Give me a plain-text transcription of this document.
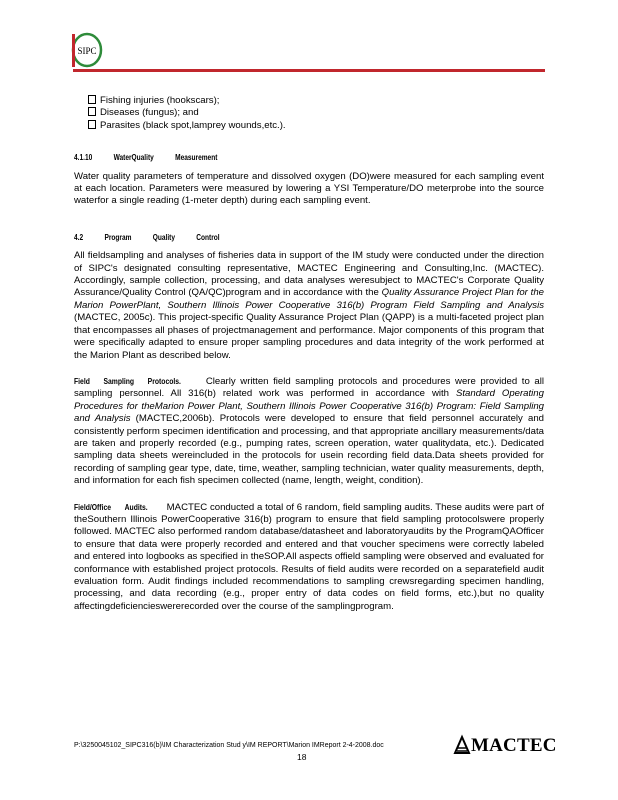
SIPC
Fishing injuries (hookscars);
Diseases (fungus); and
Parasites (black spot,lamprey wounds,etc.).
4.1.10	WaterQuality	Measurement

Water quality parameters of temperature and dissolved oxygen (DO)were measured for each sampling event at each location. Parameters were measured by lowering a YSI Temperature/DO meterprobe into the source waterfor a single reading (1-meter depth) during each sampling event.

4.2	Program	Quality	Control

All fieldsampling and analyses of fisheries data in support of the IM study were conducted under the direction of SIPC's designated consulting representative, MACTEC Engineering and Consulting,Inc. (MACTEC). Accordingly, sample collection, processing, and data analyses weresubject to MACTEC's Corporate Quality Assurance/Quality Control (QA/QC)program and in accordance with the Quality Assurance Project Plan for the Marion PowerPlant, Southern Illinois Power Cooperative 316(b) Program Field Sampling and Analysis (MACTEC, 2005c). This project-specific Quality Assurance Project Plan (QAPP) is a multi-faceted project plan that encompasses all phases of projectmanagement and performance. Major components of this program that were specifically adapted to ensure proper sampling procedures and data integrity of the work performed at the Marion Plant as described below.

Field Sampling Protocols.	Clearly written field sampling protocols and procedures were provided to all sampling personnel. All 316(b) related work was performed in accordance with Standard Operating Procedures for theMarion Power Plant, Southern Illinois Power Cooperative 316(b) Program: Field Sampling and Analysis (MACTEC,2006b). Protocols were developed to ensure that field personnel accurately and consistently perform specimen identification and processing, and that appropriate ancillary measurements/data are taken and properly recorded (e.g., pumping rates, screen operation, water qualitydata, etc.). Dedicated sampling data sheets wereincluded in the protocols for usein recording field data.Data sheets provided for recording of sampling gear type, date, time, weather, sampling technician, water quality measurements, depth, and information for each fish specimen collected (name, length, weight, condition).

Field/Office Audits. MACTEC conducted a total of 6 random, field sampling audits. These audits were part of theSouthern Illinois PowerCooperative 316(b) program to ensure that field sampling protocolswere properly followed. MACTEC also performed random database/datasheet and laboratoryaudits by the ProgramQAOfficer to ensure that data were properly recorded and entered and that voucher specimens were correctly labeled and entered into logbooks as specified in theSOP.All aspects offield sampling were observed and evaluated for conformance with established project protocols. Results of field audits were recorded on a separatefield audit evaluation form. Audit findings included recommendations to sampling crewsregarding specimen handling, processing, and data recording (e.g., proper entry of data codes on field forms, etc.),but no quality affectingdeficiencieswererecorded over the course of the samplingprogram.

P:\3250045102_SIPC316(b)\IM Characterization Stud y\IM REPORT\Marion IMReport 2-4-2008.doc
18
MACTEC
